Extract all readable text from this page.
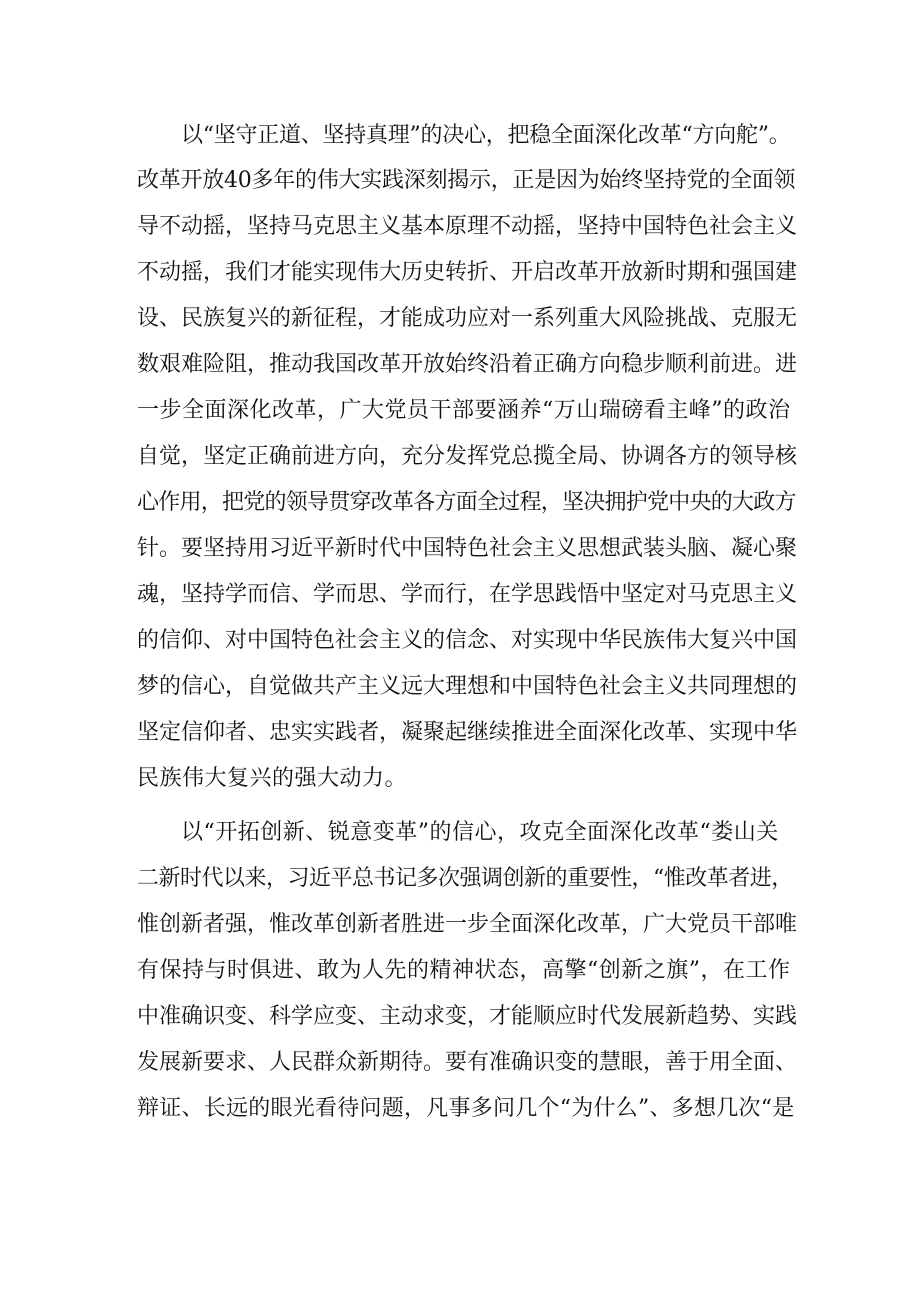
以“坚守正道、坚持真理”的决心，把稳全面深化改革“方向舵”。
改革开放40多年的伟大实践深刻揭示，正是因为始终坚持党的全面领
导不动摇，坚持马克思主义基本原理不动摇，坚持中国特色社会主义
不动摇，我们才能实现伟大历史转折、开启改革开放新时期和强国建
设、民族复兴的新征程，才能成功应对一系列重大风险挑战、克服无
数艰难险阻，推动我国改革开放始终沿着正确方向稳步顺利前进。进
一步全面深化改革，广大党员干部要涵养“万山瑞磅看主峰”的政治
自觉，坚定正确前进方向，充分发挥党总揽全局、协调各方的领导核
心作用，把党的领导贯穿改革各方面全过程，坚决拥护党中央的大政方
针。要坚持用习近平新时代中国特色社会主义思想武装头脑、凝心聚
魂，坚持学而信、学而思、学而行，在学思践悟中坚定对马克思主义
的信仰、对中国特色社会主义的信念、对实现中华民族伟大复兴中国
梦的信心，自觉做共产主义远大理想和中国特色社会主义共同理想的
坚定信仰者、忠实实践者，凝聚起继续推进全面深化改革、实现中华
民族伟大复兴的强大动力。
以“开拓创新、锐意变革”的信心，攻克全面深化改革“娄山关
二新时代以来，习近平总书记多次强调创新的重要性，“惟改革者进，
惟创新者强，惟改革创新者胜进一步全面深化改革，广大党员干部唯
有保持与时俱进、敢为人先的精神状态，高擎“创新之旗”，在工作
中准确识变、科学应变、主动求变，才能顺应时代发展新趋势、实践
发展新要求、人民群众新期待。要有准确识变的慧眼，善于用全面、
辩证、长远的眼光看待问题，凡事多问几个“为什么”、多想几次“是
